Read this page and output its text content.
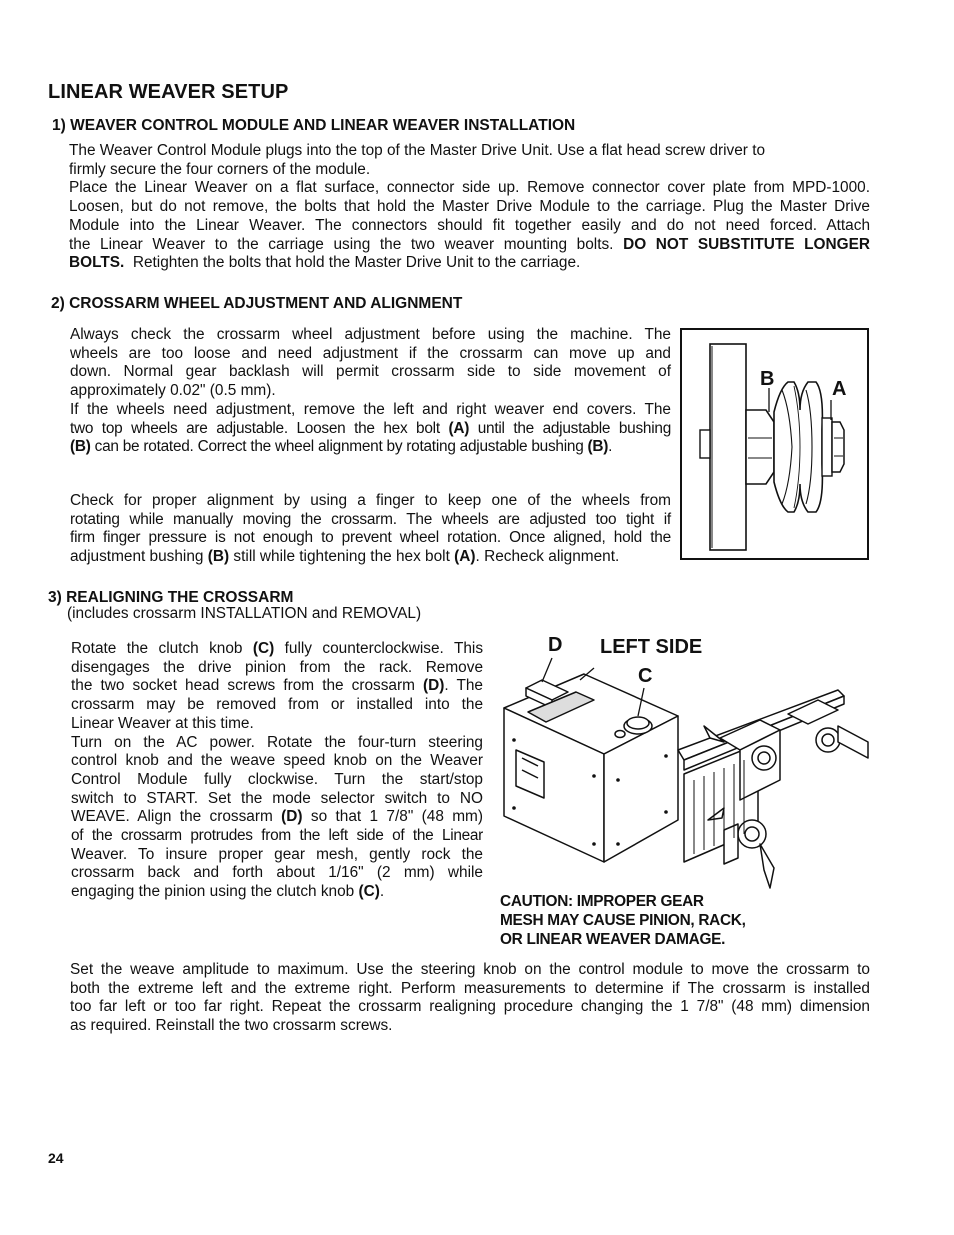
LINEAR WEAVER SETUP
1) WEAVER CONTROL MODULE AND LINEAR WEAVER INSTALLATION
The Weaver Control Module plugs into the top of the Master Drive Unit. Use a flat head screw driver to
firmly secure the four corners of the module.
Place the Linear Weaver on a flat surface, connector side up. Remove connector cover plate from MPD-1000.
Loosen, but do not remove, the bolts that hold the Master Drive Module to the carriage. Plug the Master Drive
Module into the Linear Weaver. The connectors should fit together easily and do not need forced. Attach
the Linear Weaver to the carriage using the two weaver mounting bolts. DO NOT SUBSTITUTE LONGER
BOLTS. Retighten the bolts that hold the Master Drive Unit to the carriage.
2) CROSSARM WHEEL ADJUSTMENT AND ALIGNMENT
Always check the crossarm wheel adjustment before using the machine. The
wheels are too loose and need adjustment if the crossarm can move up and
down. Normal gear backlash will permit crossarm side to side movement of
approximately 0.02" (0.5 mm).
If the wheels need adjustment, remove the left and right weaver end covers. The
two top wheels are adjustable. Loosen the hex bolt (A) until the adjustable bushing
(B) can be rotated. Correct the wheel alignment by rotating adjustable bushing (B).
Check for proper alignment by using a finger to keep one of the wheels from
rotating while manually moving the crossarm. The wheels are adjusted too tight if
firm finger pressure is not enough to prevent wheel rotation. Once aligned, hold the
adjustment bushing (B) still while tightening the hex bolt (A). Recheck alignment.
B	A
3) REALIGNING THE CROSSARM
(includes crossarm INSTALLATION and REMOVAL)
Rotate the clutch knob (C) fully counterclockwise. This
disengages the drive pinion from the rack. Remove
the two socket head screws from the crossarm (D). The
crossarm may be removed from or installed into the
Linear Weaver at this time.
Turn on the AC power. Rotate the four-turn steering
control knob and the weave speed knob on the Weaver
Control Module fully clockwise. Turn the start/stop
switch to START. Set the mode selector switch to NO
WEAVE. Align the crossarm (D) so that 1 7/8" (48 mm)
of the crossarm protrudes from the left side of the Linear
Weaver. To insure proper gear mesh, gently rock the
crossarm back and forth about 1/16" (2 mm) while
engaging the pinion using the clutch knob (C).
D LEFT SIDE
C
CAUTION: IMPROPER GEAR
MESH MAY CAUSE PINION, RACK,
OR LINEAR WEAVER DAMAGE.
Set the weave amplitude to maximum. Use the steering knob on the control module to move the crossarm to
both the extreme left and the extreme right. Perform measurements to determine if The crossarm is installed
too far left or too far right. Repeat the crossarm realigning procedure changing the 1 7/8" (48 mm) dimension
as required. Reinstall the two crossarm screws.
24
